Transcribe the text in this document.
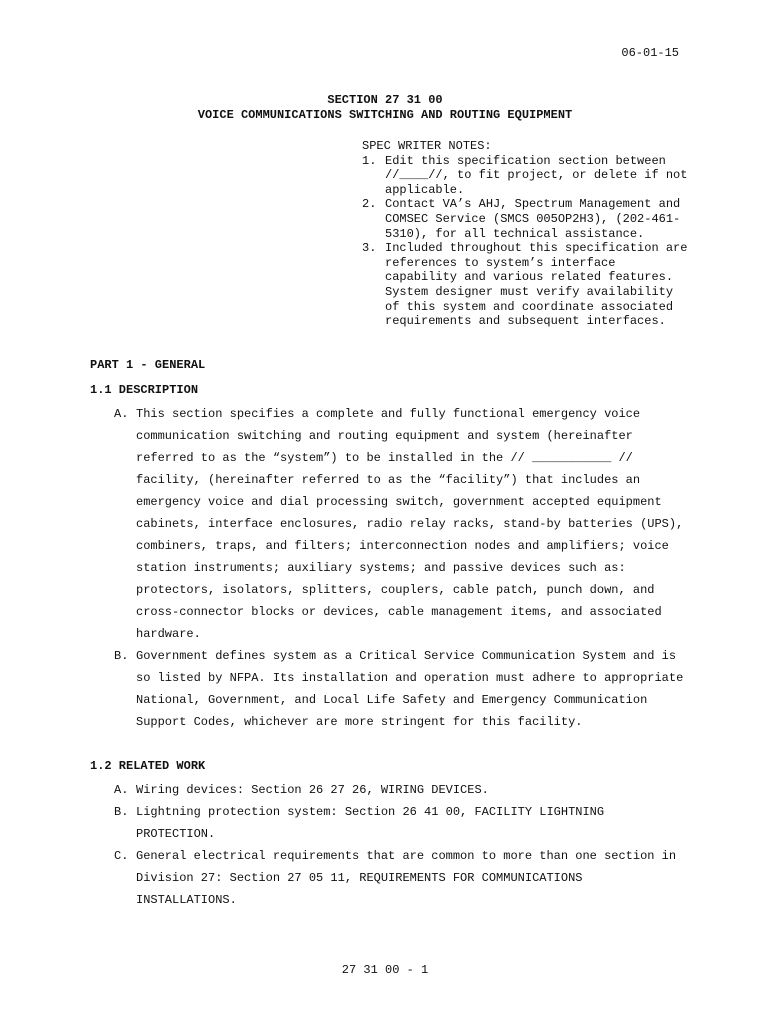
06-01-15
SECTION 27 31 00
VOICE COMMUNICATIONS SWITCHING AND ROUTING EQUIPMENT
SPEC WRITER NOTES:
1. Edit this specification section between //____//, to fit project, or delete if not applicable.
2. Contact VA’s AHJ, Spectrum Management and COMSEC Service (SMCS 005OP2H3), (202-461-5310), for all technical assistance.
3. Included throughout this specification are references to system’s interface capability and various related features. System designer must verify availability of this system and coordinate associated requirements and subsequent interfaces.
PART 1 - GENERAL
1.1 DESCRIPTION
A. This section specifies a complete and fully functional emergency voice communication switching and routing equipment and system (hereinafter referred to as the “system”) to be installed in the // ___________ // facility, (hereinafter referred to as the “facility”) that includes an emergency voice and dial processing switch, government accepted equipment cabinets, interface enclosures, radio relay racks, stand-by batteries (UPS), combiners, traps, and filters; interconnection nodes and amplifiers; voice station instruments; auxiliary systems; and passive devices such as: protectors, isolators, splitters, couplers, cable patch, punch down, and cross-connector blocks or devices, cable management items, and associated hardware.
B. Government defines system as a Critical Service Communication System and is so listed by NFPA. Its installation and operation must adhere to appropriate National, Government, and Local Life Safety and Emergency Communication Support Codes, whichever are more stringent for this facility.
1.2 RELATED WORK
A. Wiring devices: Section 26 27 26, WIRING DEVICES.
B. Lightning protection system: Section 26 41 00, FACILITY LIGHTNING PROTECTION.
C. General electrical requirements that are common to more than one section in Division 27: Section 27 05 11, REQUIREMENTS FOR COMMUNICATIONS INSTALLATIONS.
27 31 00 - 1
